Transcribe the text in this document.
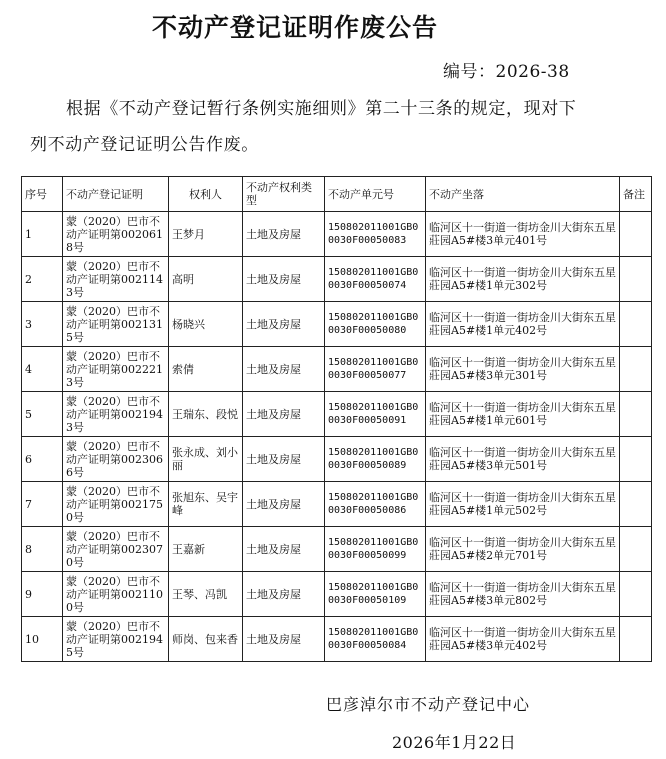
不动产登记证明作废公告
编号：2026-38
根据《不动产登记暂行条例实施细则》第二十三条的规定，现对下列不动产登记证明公告作废。
序号	不动产登记证明	权利人	不动产权利类型	不动产单元号	不动产坐落	备注
1	蒙（2020）巴市不动产证明第0020618号	王梦月	土地及房屋	150802011001GB00030F00050083	临河区十一街道一街坊金川大街东五星莊园A5#楼3单元401号	
2	蒙（2020）巴市不动产证明第0021143号	高明	土地及房屋	150802011001GB00030F00050074	临河区十一街道一街坊金川大街东五星莊园A5#楼1单元302号	
3	蒙（2020）巴市不动产证明第0021315号	杨晓兴	土地及房屋	150802011001GB00030F00050080	临河区十一街道一街坊金川大街东五星莊园A5#楼1单元402号	
4	蒙（2020）巴市不动产证明第0022213号	索倩	土地及房屋	150802011001GB00030F00050077	临河区十一街道一街坊金川大街东五星莊园A5#楼3单元301号	
5	蒙（2020）巴市不动产证明第0021943号	王瑞东、段悦	土地及房屋	150802011001GB00030F00050091	临河区十一街道一街坊金川大街东五星莊园A5#楼1单元601号	
6	蒙（2020）巴市不动产证明第0023066号	张永成、刘小丽	土地及房屋	150802011001GB00030F00050089	临河区十一街道一街坊金川大街东五星莊园A5#楼3单元501号	
7	蒙（2020）巴市不动产证明第0021750号	张旭东、吴宇峰	土地及房屋	150802011001GB00030F00050086	临河区十一街道一街坊金川大街东五星莊园A5#楼1单元502号	
8	蒙（2020）巴市不动产证明第0023070号	王嘉新	土地及房屋	150802011001GB00030F00050099	临河区十一街道一街坊金川大街东五星莊园A5#楼2单元701号	
9	蒙（2020）巴市不动产证明第0021100号	王琴、冯凯	土地及房屋	150802011001GB00030F00050109	临河区十一街道一街坊金川大街东五星莊园A5#楼3单元802号	
10	蒙（2020）巴市不动产证明第0021945号	师岗、包来香	土地及房屋	150802011001GB00030F00050084	临河区十一街道一街坊金川大街东五星莊园A5#楼3单元402号	
巴彦淖尔市不动产登记中心
2026年1月22日
